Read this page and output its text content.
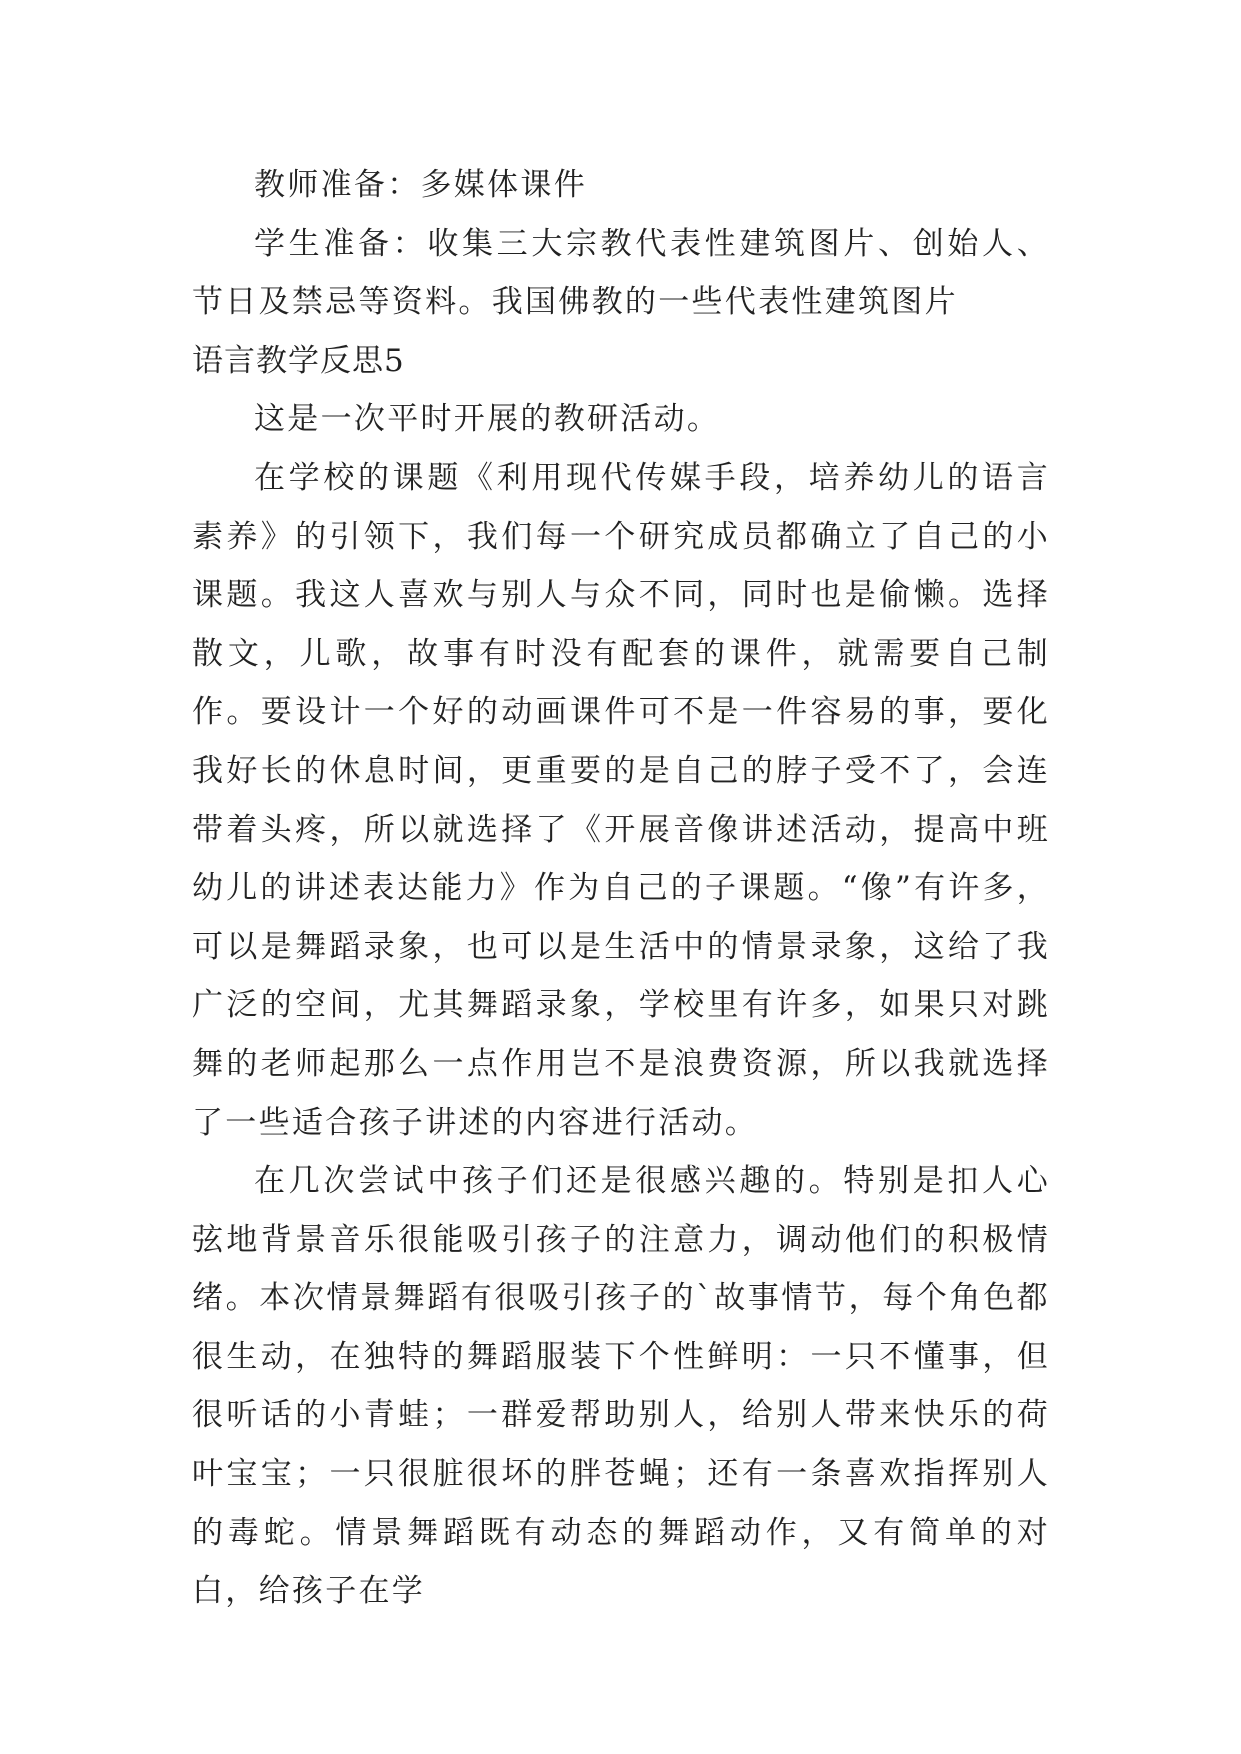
教师准备：多媒体课件

学生准备：收集三大宗教代表性建筑图片、创始人、节日及禁忌等资料。我国佛教的一些代表性建筑图片

语言教学反思5

这是一次平时开展的教研活动。

在学校的课题《利用现代传媒手段，培养幼儿的语言素养》的引领下，我们每一个研究成员都确立了自己的小课题。我这人喜欢与别人与众不同，同时也是偷懒。选择散文，儿歌，故事有时没有配套的课件，就需要自己制作。要设计一个好的动画课件可不是一件容易的事，要化我好长的休息时间，更重要的是自己的脖子受不了，会连带着头疼，所以就选择了《开展音像讲述活动，提高中班幼儿的讲述表达能力》作为自己的子课题。“像”有许多，可以是舞蹈录象，也可以是生活中的情景录象，这给了我广泛的空间，尤其舞蹈录象，学校里有许多，如果只对跳舞的老师起那么一点作用岂不是浪费资源，所以我就选择了一些适合孩子讲述的内容进行活动。

在几次尝试中孩子们还是很感兴趣的。特别是扣人心弦地背景音乐很能吸引孩子的注意力，调动他们的积极情绪。本次情景舞蹈有很吸引孩子的`故事情节，每个角色都很生动，在独特的舞蹈服装下个性鲜明：一只不懂事，但很听话的小青蛙；一群爱帮助别人，给别人带来快乐的荷叶宝宝；一只很脏很坏的胖苍蝇；还有一条喜欢指挥别人的毒蛇。情景舞蹈既有动态的舞蹈动作，又有简单的对白，给孩子在学
